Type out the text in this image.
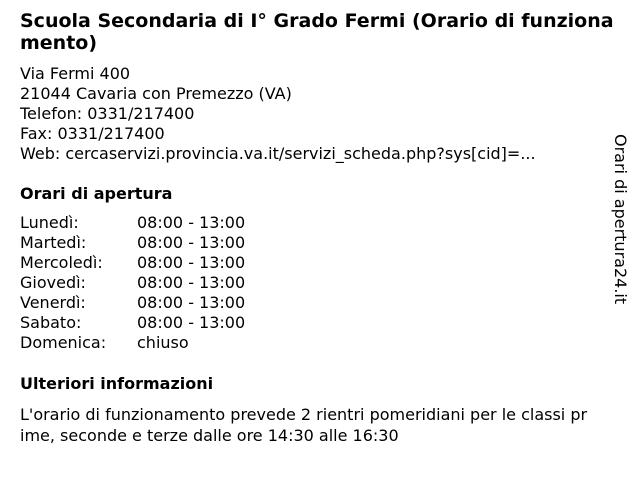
Scuola Secondaria di I° Grado Fermi (Orario di funzionamento)
Via Fermi 400
21044 Cavaria con Premezzo (VA)
Telefon: 0331/217400
Fax: 0331/217400
Web: cercaservizi.provincia.va.it/servizi_scheda.php?sys[cid]=...
Orari di apertura
Lunedì:	08:00 - 13:00
Martedì:	08:00 - 13:00
Mercoledì:	08:00 - 13:00
Giovedì:	08:00 - 13:00
Venerdì:	08:00 - 13:00
Sabato:	08:00 - 13:00
Domenica:	chiuso
Ulteriori informazioni
L'orario di funzionamento prevede 2 rientri pomeridiani per le classi prime, seconde e terze dalle ore 14:30 alle 16:30
Orari di apertura24.it
